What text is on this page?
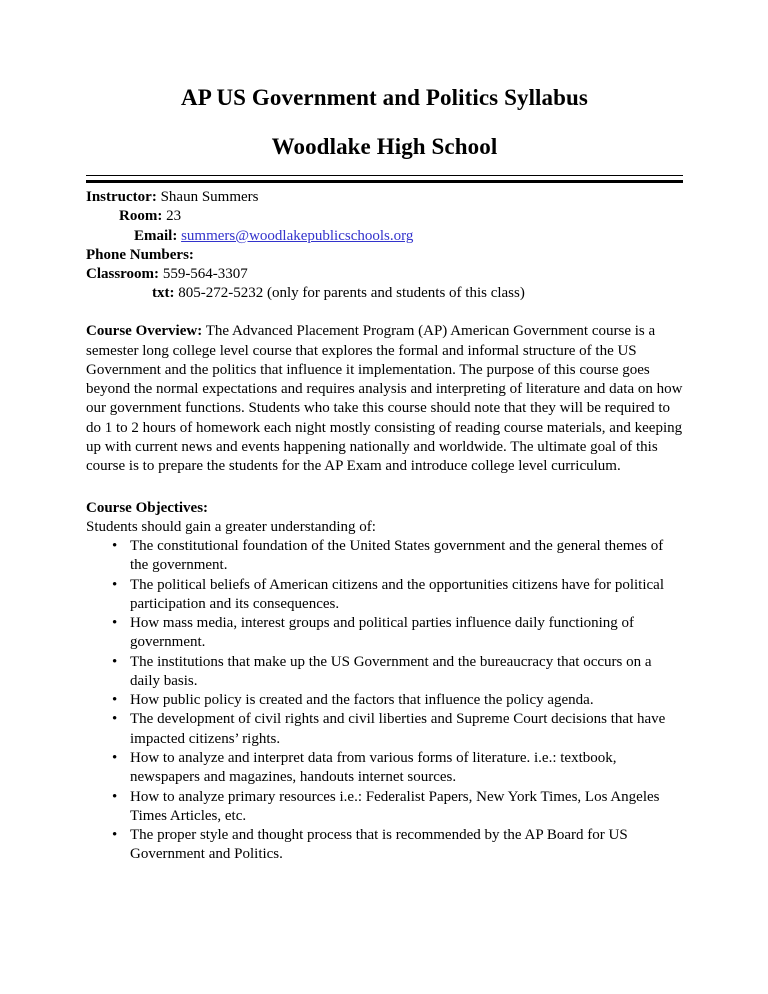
AP US Government and Politics Syllabus
Woodlake High School
Instructor: Shaun Summers
Room: 23
Email: summers@woodlakepublicschools.org
Phone Numbers:
Classroom: 559-564-3307
txt: 805-272-5232 (only for parents and students of this class)

Course Overview: The Advanced Placement Program (AP) American Government course is a semester long college level course that explores the formal and informal structure of the US Government and the politics that influence it implementation. The purpose of this course goes beyond the normal expectations and requires analysis and interpreting of literature and data on how our government functions. Students who take this course should note that they will be required to do 1 to 2 hours of homework each night mostly consisting of reading course materials, and keeping up with current news and events happening nationally and worldwide. The ultimate goal of this course is to prepare the students for the AP Exam and introduce college level curriculum.

Course Objectives:
Students should gain a greater understanding of:
• The constitutional foundation of the United States government and the general themes of the government.
• The political beliefs of American citizens and the opportunities citizens have for political participation and its consequences.
• How mass media, interest groups and political parties influence daily functioning of government.
• The institutions that make up the US Government and the bureaucracy that occurs on a daily basis.
• How public policy is created and the factors that influence the policy agenda.
• The development of civil rights and civil liberties and Supreme Court decisions that have impacted citizens’ rights.
• How to analyze and interpret data from various forms of literature. i.e.: textbook, newspapers and magazines, handouts internet sources.
• How to analyze primary resources i.e.: Federalist Papers, New York Times, Los Angeles Times Articles, etc.
• The proper style and thought process that is recommended by the AP Board for US Government and Politics.
